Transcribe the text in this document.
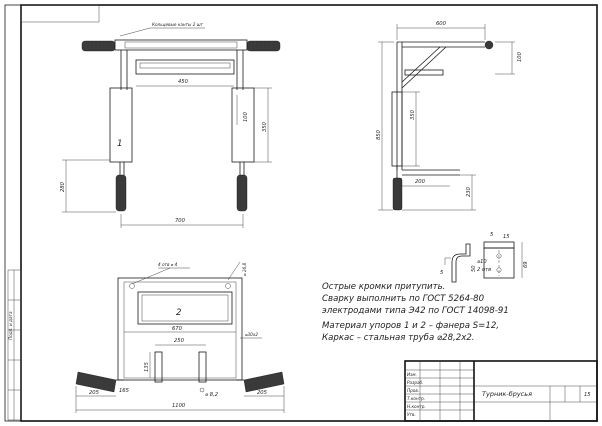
Подп. и дата
1
Кольцевые канты 2 шт
450
100
350
280
700
600
100
850
350
200
230
15
5
50
⌀10
2 отв
69
5
2
4 отв ⌀ 4	⌀ 26,8
670
250
⌀30x2
135
205	165
⌀ 8,2	205
1100
Острые кромки притупить.
Сварку выполнить по ГОСТ 5264-80
электродами типа Э42 по ГОСТ 14098-91
Материал упоров 1 и 2 – фанера S=12,
Каркас – стальная труба ⌀28,2х2.
Изм.
Разраб.
Пров.
Т.контр.
Н.контр.
Утв.
Турник-брусья	15
